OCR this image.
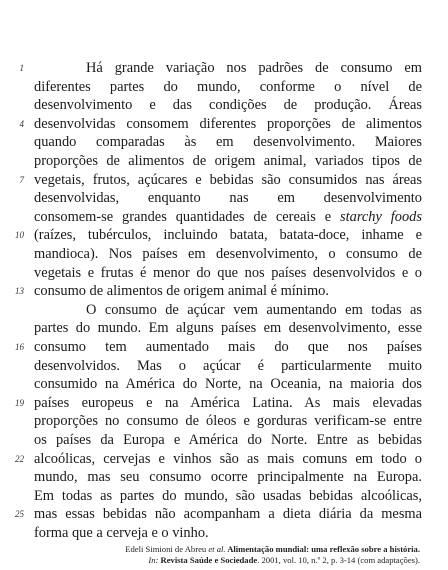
1
4
7
10
13
16
19
22
25
Há grande variação nos padrões de consumo em
diferentes partes do mundo, conforme o nível de
desenvolvimento e das condições de produção. Áreas
desenvolvidas consomem diferentes proporções de alimentos
quando comparadas às em desenvolvimento. Maiores
proporções de alimentos de origem animal, variados tipos de
vegetais, frutos, açúcares e bebidas são consumidos nas áreas
desenvolvidas, enquanto nas em desenvolvimento
consomem-se grandes quantidades de cereais e starchy foods
(raízes, tubérculos, incluindo batata, batata-doce, inhame e
mandioca). Nos países em desenvolvimento, o consumo de
vegetais e frutas é menor do que nos países desenvolvidos e o
consumo de alimentos de origem animal é mínimo.
O consumo de açúcar vem aumentando em todas as
partes do mundo. Em alguns países em desenvolvimento, esse
consumo tem aumentado mais do que nos países
desenvolvidos. Mas o açúcar é particularmente muito
consumido na América do Norte, na Oceania, na maioria dos
países europeus e na América Latina. As mais elevadas
proporções no consumo de óleos e gorduras verificam-se entre
os países da Europa e América do Norte. Entre as bebidas
alcoólicas, cervejas e vinhos são as mais comuns em todo o
mundo, mas seu consumo ocorre principalmente na Europa.
Em todas as partes do mundo, são usadas bebidas alcoólicas,
mas essas bebidas não acompanham a dieta diária da mesma
forma que a cerveja e o vinho.
Edeli Simioni de Abreu et al. Alimentação mundial: uma reflexão sobre a história.
In: Revista Saúde e Sociedade. 2001, vol. 10, n.º 2, p. 3-14 (com adaptações).
